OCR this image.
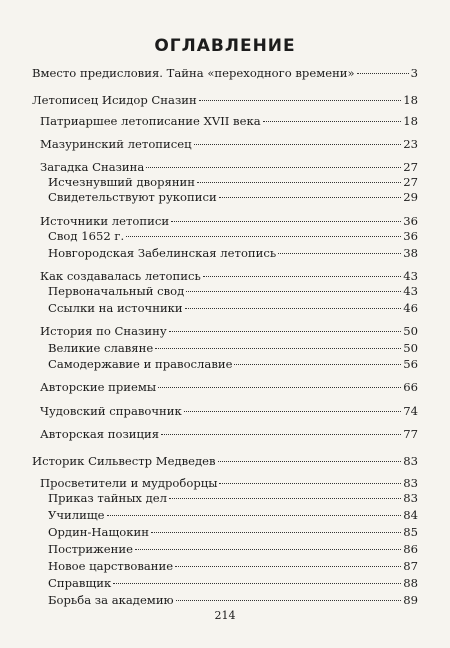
ОГЛАВЛЕНИЕ
Вместо предисловия. Тайна «переходного времени»	3
Летописец Исидор Сназин	18
Патриаршее летописание XVII века	18
Мазуринский летописец	23
Загадка Сназина	27
Исчезнувший дворянин	27
Свидетельствуют рукописи	29
Источники летописи	36
Свод 1652 г.	36
Новгородская Забелинская летопись	38
Как создавалась летопись	43
Первоначальный свод	43
Ссылки на источники	46
История по Сназину	50
Великие славяне	50
Самодержавие и православие	56
Авторские приемы	66
Чудовский справочник	74
Авторская позиция	77
Историк Сильвестр Медведев	83
Просветители и мудроборцы	83
Приказ тайных дел	83
Училище	84
Ордин-Нащокин	85
Пострижение	86
Новое царствование	87
Справщик	88
Борьба за академию	89
214
